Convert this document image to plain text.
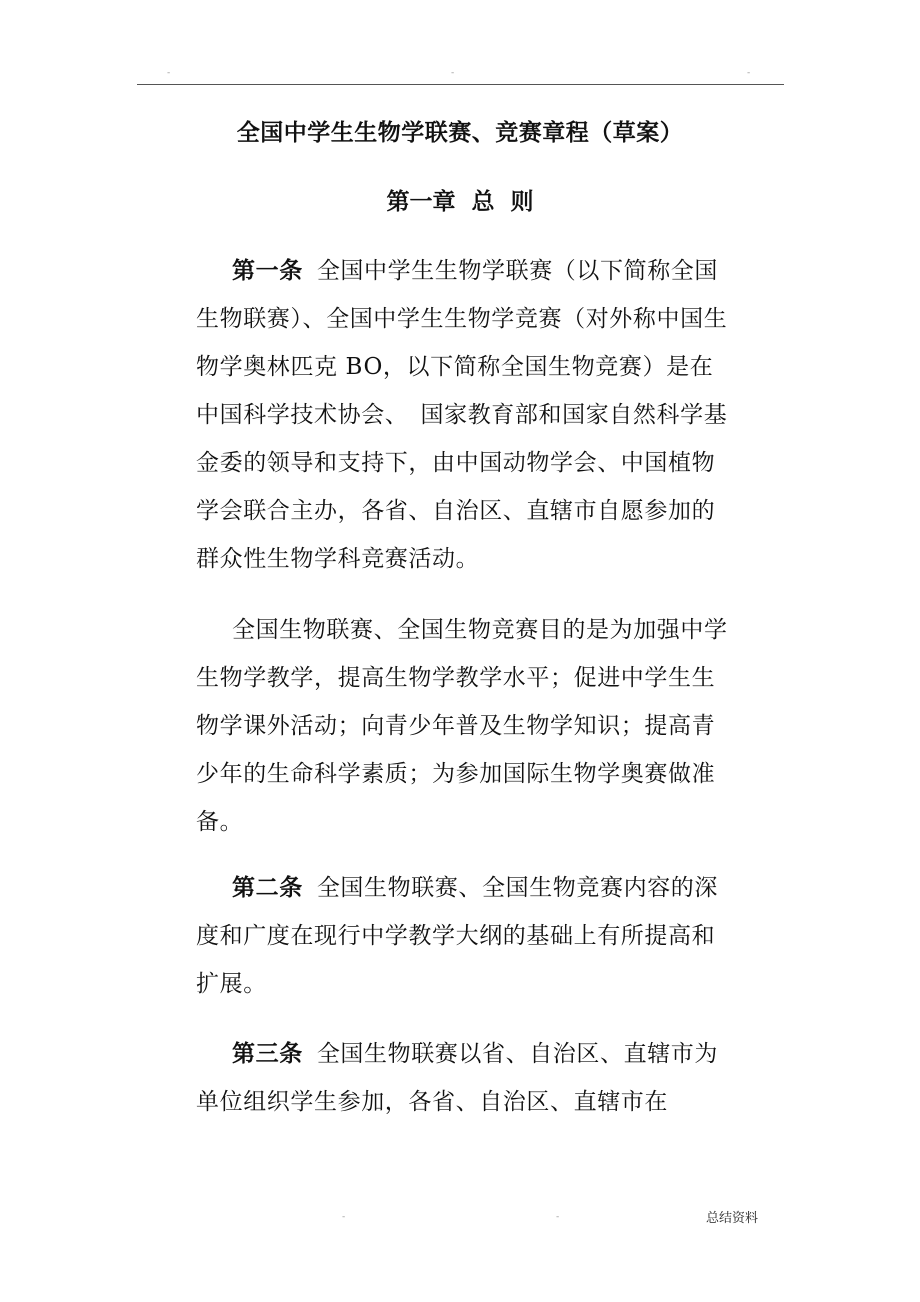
-	-	-
全国中学生生物学联赛、竞赛章程（草案）
第一章 总 则

第一条 全国中学生生物学联赛（以下简称全国生物联赛）、全国中学生生物学竞赛（对外称中国生物学奥林匹克 BO，以下简称全国生物竞赛）是在中国科学技术协会、　国家教育部和国家自然科学基金委的领导和支持下，由中国动物学会、中国植物学会联合主办，各省、自治区、直辖市自愿参加的群众性生物学科竞赛活动。

全国生物联赛、全国生物竞赛目的是为加强中学生物学教学，提高生物学教学水平；促进中学生生物学课外活动；向青少年普及生物学知识；提高青少年的生命科学素质；为参加国际生物学奥赛做准备。

第二条 全国生物联赛、全国生物竞赛内容的深度和广度在现行中学教学大纲的基础上有所提高和扩展。

第三条 全国生物联赛以省、自治区、直辖市为单位组织学生参加，各省、自治区、直辖市在

-	-	总结资料
